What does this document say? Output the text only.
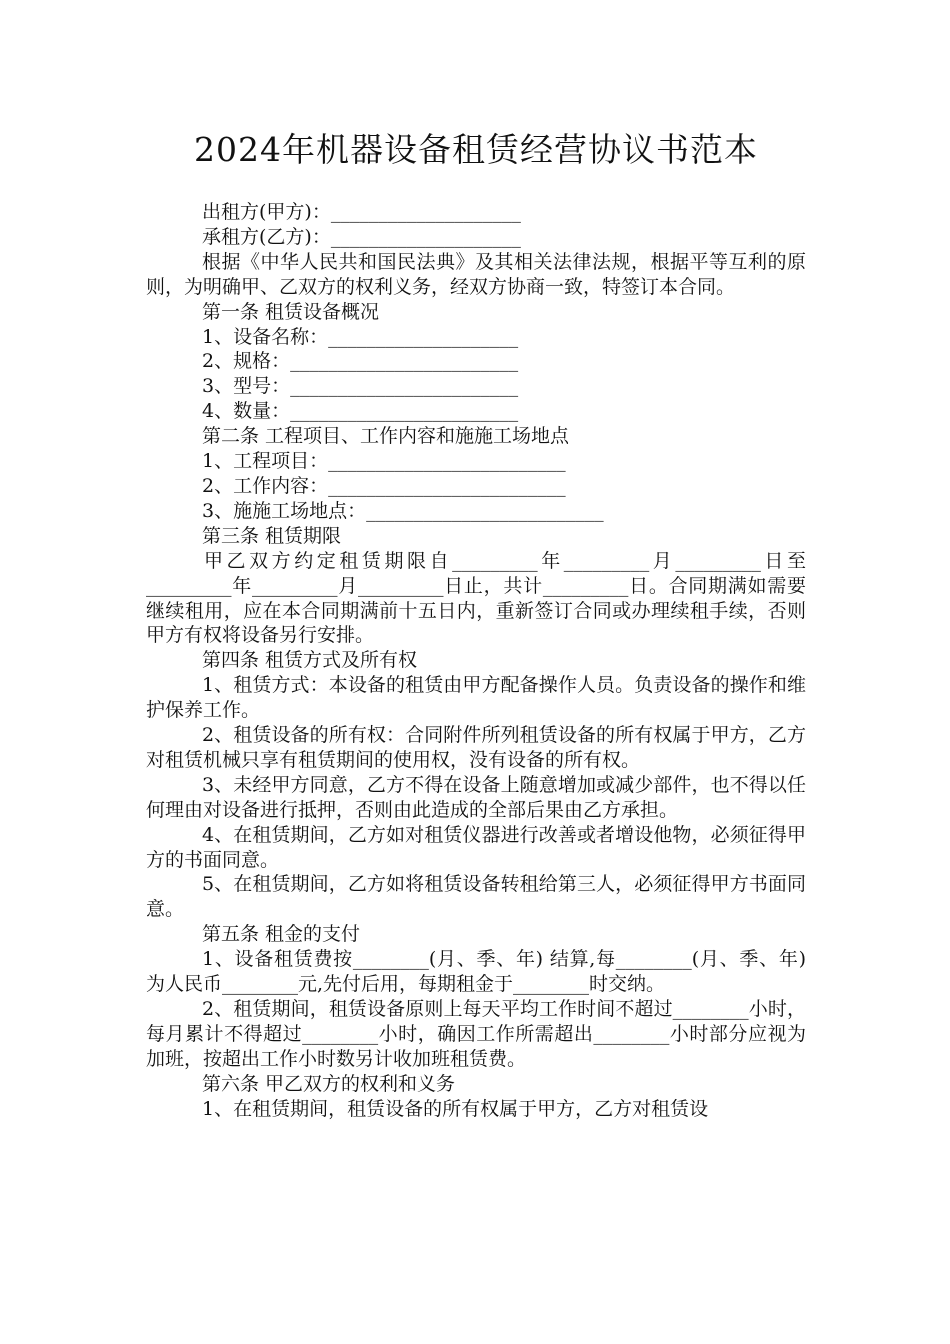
2024年机器设备租赁经营协议书范本

出租方(甲方)：____________________

承租方(乙方)：____________________

根据《中华人民共和国民法典》及其相关法律法规，根据平等互利的原则，为明确甲、乙双方的权利义务，经双方协商一致，特签订本合同。

第一条 租赁设备概况

1、设备名称：____________________

2、规格：________________________

3、型号：________________________

4、数量：________________________

第二条 工程项目、工作内容和施施工场地点

1、工程项目：_________________________

2、工作内容：_________________________

3、施施工场地点：_________________________

第三条 租赁期限

甲乙双方约定租赁期限自_________年_________月_________日至_________年_________月_________日止，共计_________日。合同期满如需要继续租用，应在本合同期满前十五日内，重新签订合同或办理续租手续，否则甲方有权将设备另行安排。

第四条 租赁方式及所有权

1、租赁方式：本设备的租赁由甲方配备操作人员。负责设备的操作和维护保养工作。

2、租赁设备的所有权：合同附件所列租赁设备的所有权属于甲方，乙方对租赁机械只享有租赁期间的使用权，没有设备的所有权。

3、未经甲方同意，乙方不得在设备上随意增加或减少部件，也不得以任何理由对设备进行抵押，否则由此造成的全部后果由乙方承担。

4、在租赁期间，乙方如对租赁仪器进行改善或者增设他物，必须征得甲方的书面同意。

5、在租赁期间，乙方如将租赁设备转租给第三人，必须征得甲方书面同意。

第五条 租金的支付

1、设备租赁费按________(月、季、年) 结算,每________(月、季、年) 为人民币________元,先付后用，每期租金于________时交纳。

2、租赁期间，租赁设备原则上每天平均工作时间不超过________小时，每月累计不得超过________小时，确因工作所需超出________小时部分应视为加班，按超出工作小时数另计收加班租赁费。

第六条 甲乙双方的权利和义务

1、在租赁期间，租赁设备的所有权属于甲方，乙方对租赁设
